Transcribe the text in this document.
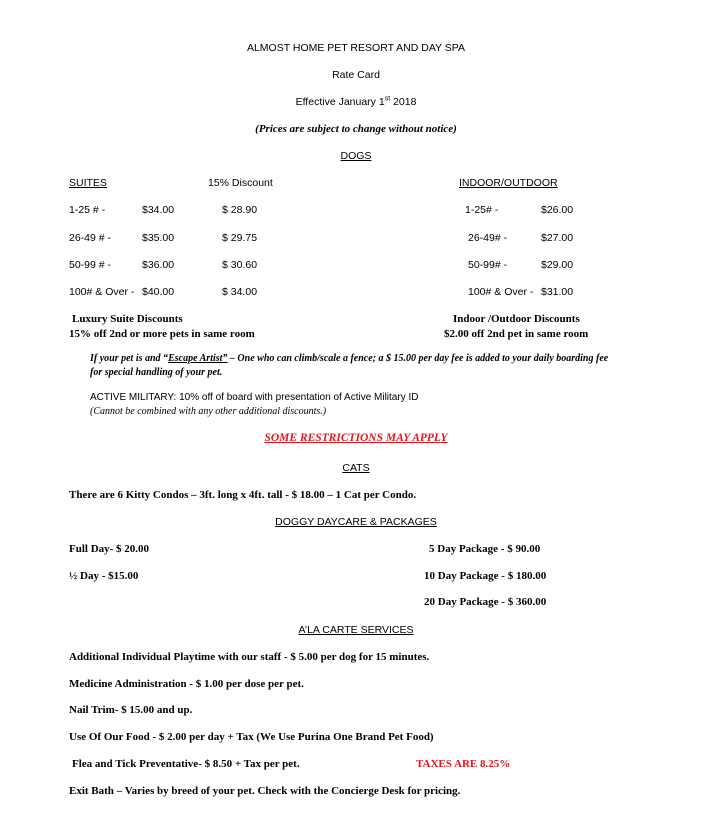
ALMOST HOME PET RESORT AND DAY SPA
Rate Card
Effective January 1st 2018
(Prices are subject to change without notice)
DOGS
SUITES	15% Discount	INDOOR/OUTDOOR
1-25 # -	$34.00	$ 28.90	1-25# -	$26.00
26-49 # -	$35.00	$ 29.75	26-49# -	$27.00
50-99 # -	$36.00	$ 30.60	50-99# -	$29.00
100# & Over - $40.00	$ 34.00	100# & Over - $31.00
Luxury Suite Discounts
15% off 2nd or more pets in same room
Indoor /Outdoor Discounts
$2.00 off 2nd pet in same room
If your pet is and “Escape Artist” – One who can climb/scale a fence; a $ 15.00 per day fee is added to your daily boarding fee
for special handling of your pet.
ACTIVE MILITARY: 10% off of board with presentation of Active Military ID
(Cannot be combined with any other additional discounts.)
SOME RESTRICTIONS MAY APPLY
CATS
There are 6 Kitty Condos – 3ft. long x 4ft. tall - $ 18.00 – 1 Cat per Condo.
DOGGY DAYCARE & PACKAGES
Full Day- $ 20.00	5 Day Package - $ 90.00
½ Day - $15.00	10 Day Package - $ 180.00
20 Day Package - $ 360.00
A’LA CARTE SERVICES
Additional Individual Playtime with our staff - $ 5.00 per dog for 15 minutes.
Medicine Administration - $ 1.00 per dose per pet.
Nail Trim- $ 15.00 and up.
Use Of Our Food - $ 2.00 per day + Tax (We Use Purina One Brand Pet Food)
Flea and Tick Preventative- $ 8.50 + Tax per pet.	TAXES ARE 8.25%
Exit Bath – Varies by breed of your pet. Check with the Concierge Desk for pricing.
